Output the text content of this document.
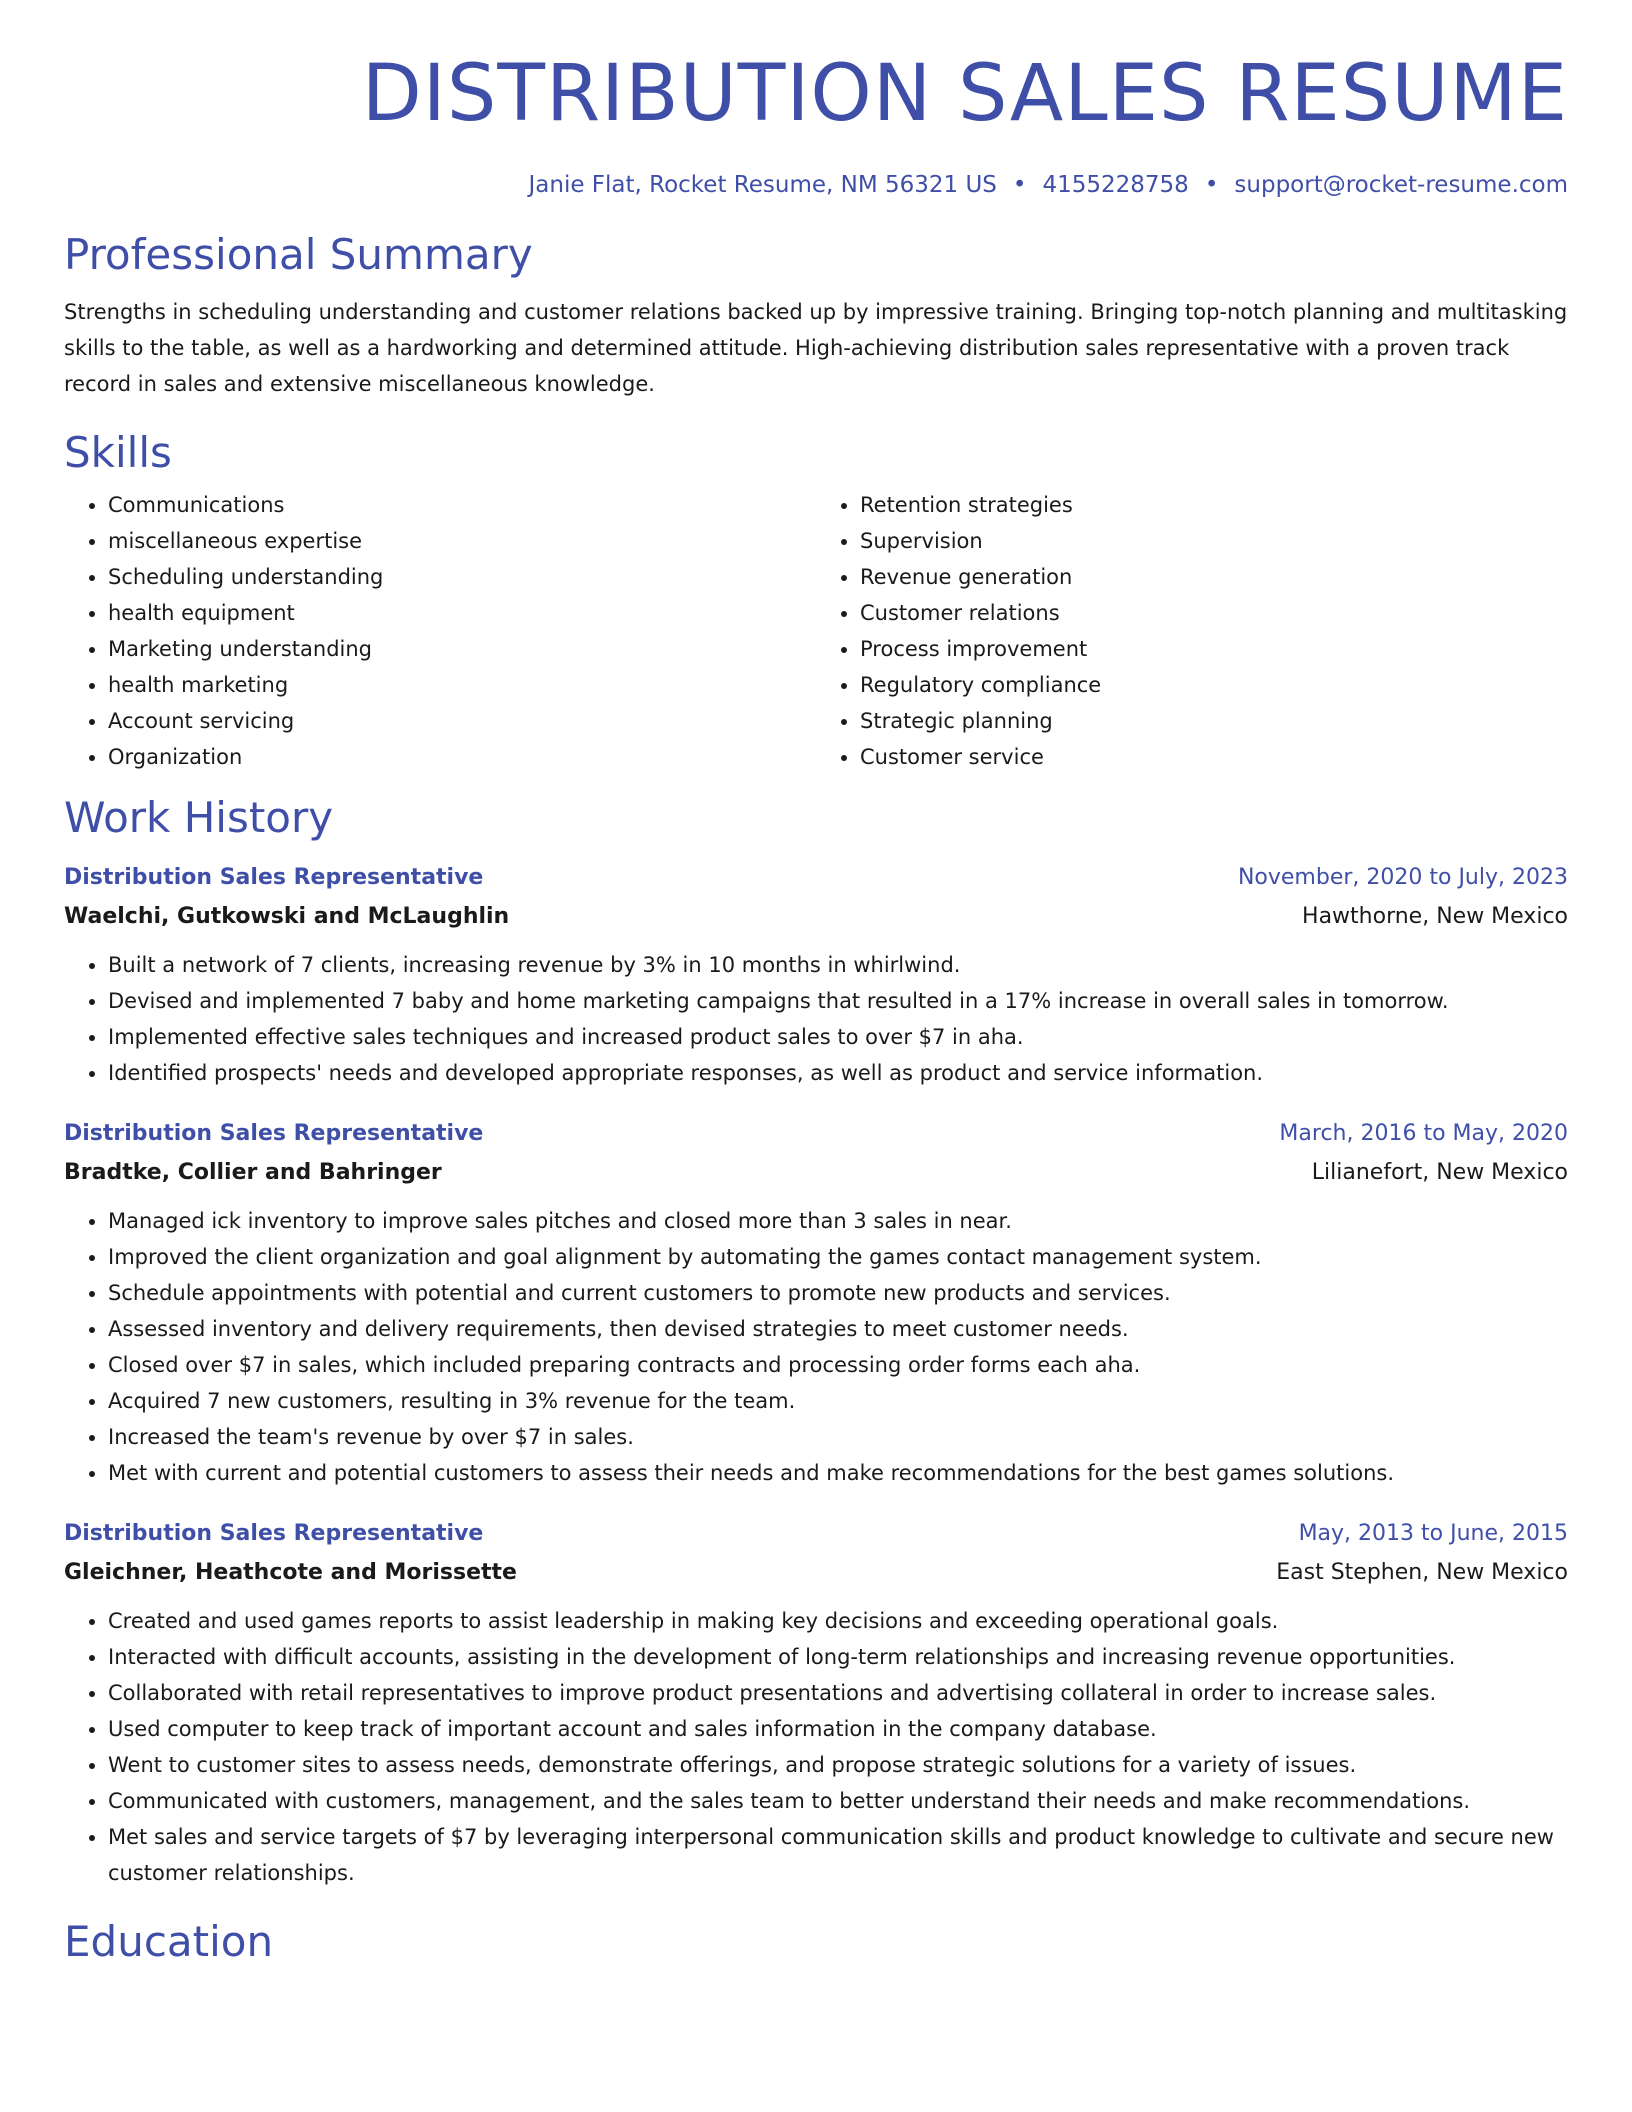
DISTRIBUTION SALES RESUME
Janie Flat, Rocket Resume, NM 56321 US • 4155228758 • support@rocket-resume.com
Professional Summary
Strengths in scheduling understanding and customer relations backed up by impressive training. Bringing top-notch planning and multitasking skills to the table, as well as a hardworking and determined attitude. High-achieving distribution sales representative with a proven track record in sales and extensive miscellaneous knowledge.
Skills
• Communications
• miscellaneous expertise
• Scheduling understanding
• health equipment
• Marketing understanding
• health marketing
• Account servicing
• Organization
• Retention strategies
• Supervision
• Revenue generation
• Customer relations
• Process improvement
• Regulatory compliance
• Strategic planning
• Customer service
Work History
Distribution Sales Representative	November, 2020 to July, 2023
Waelchi, Gutkowski and McLaughlin	Hawthorne, New Mexico
• Built a network of 7 clients, increasing revenue by 3% in 10 months in whirlwind.
• Devised and implemented 7 baby and home marketing campaigns that resulted in a 17% increase in overall sales in tomorrow.
• Implemented effective sales techniques and increased product sales to over $7 in aha.
• Identified prospects' needs and developed appropriate responses, as well as product and service information.
Distribution Sales Representative	March, 2016 to May, 2020
Bradtke, Collier and Bahringer	Lilianefort, New Mexico
• Managed ick inventory to improve sales pitches and closed more than 3 sales in near.
• Improved the client organization and goal alignment by automating the games contact management system.
• Schedule appointments with potential and current customers to promote new products and services.
• Assessed inventory and delivery requirements, then devised strategies to meet customer needs.
• Closed over $7 in sales, which included preparing contracts and processing order forms each aha.
• Acquired 7 new customers, resulting in 3% revenue for the team.
• Increased the team's revenue by over $7 in sales.
• Met with current and potential customers to assess their needs and make recommendations for the best games solutions.
Distribution Sales Representative	May, 2013 to June, 2015
Gleichner, Heathcote and Morissette	East Stephen, New Mexico
• Created and used games reports to assist leadership in making key decisions and exceeding operational goals.
• Interacted with difficult accounts, assisting in the development of long-term relationships and increasing revenue opportunities.
• Collaborated with retail representatives to improve product presentations and advertising collateral in order to increase sales.
• Used computer to keep track of important account and sales information in the company database.
• Went to customer sites to assess needs, demonstrate offerings, and propose strategic solutions for a variety of issues.
• Communicated with customers, management, and the sales team to better understand their needs and make recommendations.
• Met sales and service targets of $7 by leveraging interpersonal communication skills and product knowledge to cultivate and secure new customer relationships.
Education
